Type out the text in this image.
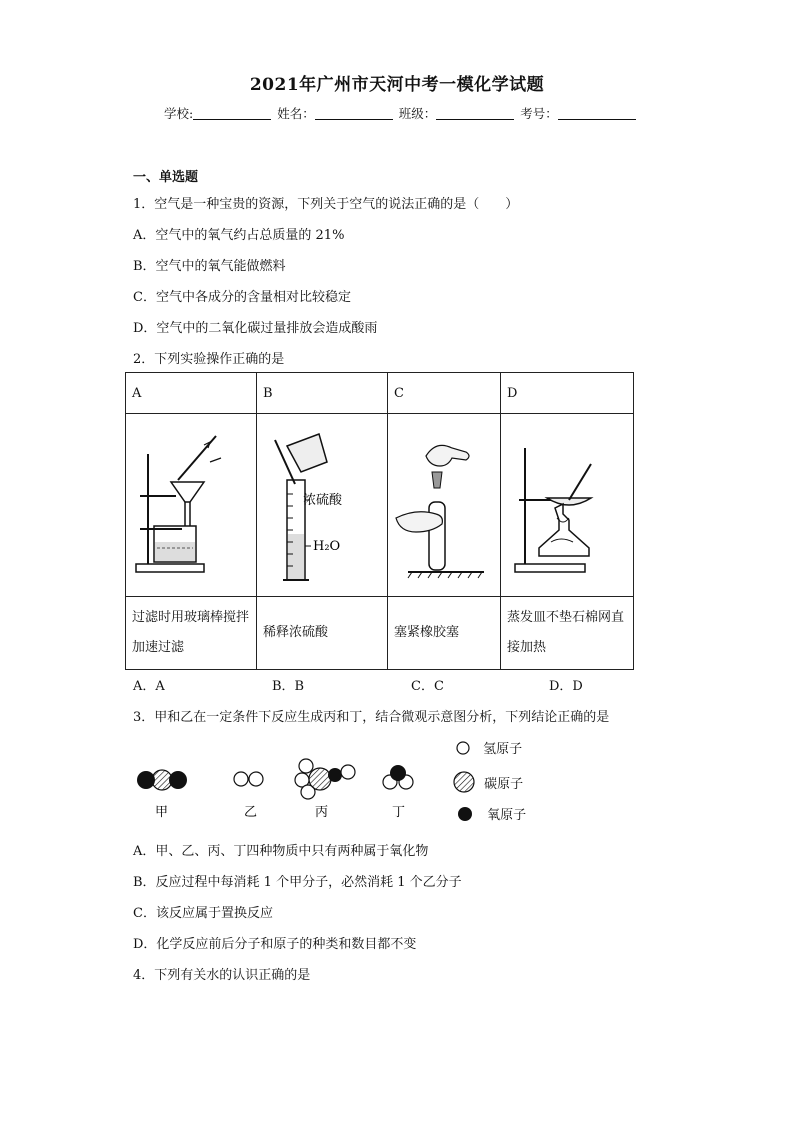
2021年广州市天河中考一模化学试题
学校:	姓名：	班级：	考号：
一、单选题
1．空气是一种宝贵的资源，下列关于空气的说法正确的是（　　）
A．空气中的氧气约占总质量的 21%
B．空气中的氧气能做燃料
C．空气中各成分的含量相对比较稳定
D．空气中的二氧化碳过量排放会造成酸雨
2．下列实验操作正确的是
A	B	C	D

浓硫酸
H₂O

过滤时用玻璃棒搅拌加速过滤	稀释浓硫酸	塞紧橡胶塞	蒸发皿不垫石棉网直接加热
A．A	B．B	C．C	D．D
3．甲和乙在一定条件下反应生成丙和丁，结合微观示意图分析，下列结论正确的是
甲	乙	丙	丁
氢原子
碳原子
氧原子
A．甲、乙、丙、丁四种物质中只有两种属于氧化物
B．反应过程中每消耗 1 个甲分子，必然消耗 1 个乙分子
C．该反应属于置换反应
D．化学反应前后分子和原子的种类和数目都不变
4．下列有关水的认识正确的是
